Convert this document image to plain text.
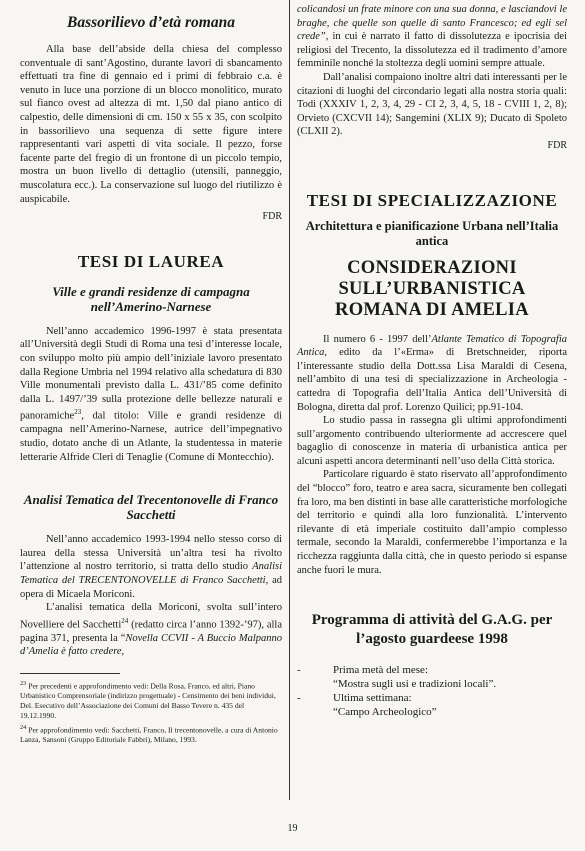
Bassorilievo d’età romana

Alla base dell’abside della chiesa del complesso conventuale di sant’Agostino, durante lavori di sbancamento effettuati tra fine di gennaio ed i primi di febbraio c.a. è venuto in luce una porzione di un blocco monolitico, murato sul fianco ovest ad altezza di mt. 1,50 dal piano antico di calpestio, delle dimensioni di cm. 150 x 55 x 35, con scolpito in bassorilievo una sequenza di sette figure intere rappresentanti vari aspetti di vita sociale. Il pezzo, forse facente parte del fregio di un frontone di un piccolo tempio, mostra un buon livello di dettaglio (utensili, panneggio, muscolatura ecc.). La conservazione sul luogo del riutilizzo è auspicabile.

FDR

TESI DI LAUREA
Ville e grandi residenze di campagna nell’Amerino-Narnese

Nell’anno accademico 1996-1997 è stata presentata all’Università degli Studi di Roma una tesi d’interesse locale, con sviluppo molto più ampio dell’iniziale lavoro presentato dalla Regione Umbria nel 1994 relativo alla schedatura di 830 Ville monumentali previsto dalla L. 431/’85 come definito dalla L. 1497/’39 sulla protezione delle bellezze naturali e panoramiche$^{23}$, dal titolo: Ville e grandi residenze di campagna nell’Amerino-Narnese, autrice dell’impegnativo studio, dotato anche di un Atlante, la studentessa in materie letterarie Alfride Cleri di Tenaglie (Comune di Montecchio).

Analisi Tematica del Trecentonovelle di Franco Sacchetti

Nell’anno accademico 1993-1994 nello stesso corso di laurea della stessa Università un’altra tesi ha rivolto l’attenzione al nostro territorio, si tratta dello studio Analisi Tematica del TRECENTONOVELLE di Franco Sacchetti, ad opera di Micaela Moriconi.

L’analisi tematica della Moriconi, svolta sull’intero Novelliere del Sacchetti$^{24}$ (redatto circa l’anno 1392-’97), alla pagina 371, presenta la “Novella CCVII - A Buccio Malpanno d’Amelia è fatto credere,

$^{23}$ Per precedenti e approfondimento vedi: Della Rosa, Franco, ed altri, Piano Urbanistico Comprensoriale (indirizzo progettuale) - Censimento dei beni individui, Del. Esecutivo dell’Associazione dei Comuni del Basso Tevere n. 435 del 19.12.1990.

$^{24}$ Per approfondimento vedi: Sacchetti, Franco, Il trecentonovelle, a cura di Antonio Lanza, Sansoni (Gruppo Editoriale Fabbri), Milano, 1993.

colicandosi un frate minore con una sua donna, e lasciandovi le braghe, che quelle son quelle di santo Francesco; ed egli sel crede”, in cui è narrato il fatto di dissolutezza e ipocrisia dei religiosi del Trecento, la dissolutezza ed il tradimento d’amore femminile nonché la stoltezza degli uomini sempre attuale.

Dall’analisi compaiono inoltre altri dati interessanti per le citazioni di luoghi del circondario legati alla nostra storia quali: Todi (XXXIV 1, 2, 3, 4, 29 - CI 2, 3, 4, 5, 18 - CVIII 1, 2, 8); Orvieto (CXCVII 14); Sangemini (XLIX 9); Ducato di Spoleto (CLXII 2).

FDR

TESI DI SPECIALIZZAZIONE
Architettura e pianificazione Urbana nell’Italia antica
CONSIDERAZIONI SULL’URBANISTICA ROMANA DI AMELIA

Il numero 6 - 1997 dell’Atlante Tematico di Topografia Antica, edito da l’«Erma» di Bretschneider, riporta l’interessante studio della Dott.ssa Lisa Maraldi di Cesena, nell’ambito di una tesi di specializzazione in Archeologia - cattedra di Topografia dell’Italia Antica dell’Università di Bologna, diretta dal prof. Lorenzo Quilici; pp.91-104.

Lo studio passa in rassegna gli ultimi approfondimenti sull’argomento contribuendo ulteriormente ad accrescere quel bagaglio di conoscenze in materia di urbanistica antica per alcuni aspetti ancora determinanti nell’uso della Città storica.

Particolare riguardo è stato riservato all’approfondimento del “blocco” foro, teatro e area sacra, sicuramente ben collegati fra loro, ma ben distinti in base alle caratteristiche morfologiche del territorio e quindi alla loro funzionalità. L’intervento rilevante di età imperiale costituito dall’ampio complesso termale, secondo la Maraldi, confermerebbe l’importanza e la ricchezza raggiunta dalla città, che in questo periodo si espanse anche fuori le mura.

Programma di attività del G.A.G. per l’agosto guardeese 1998
-	Prima metà del mese:
“Mostra sugli usi e tradizioni locali”.
-	Ultima settimana:
“Campo Archeologico”
19
